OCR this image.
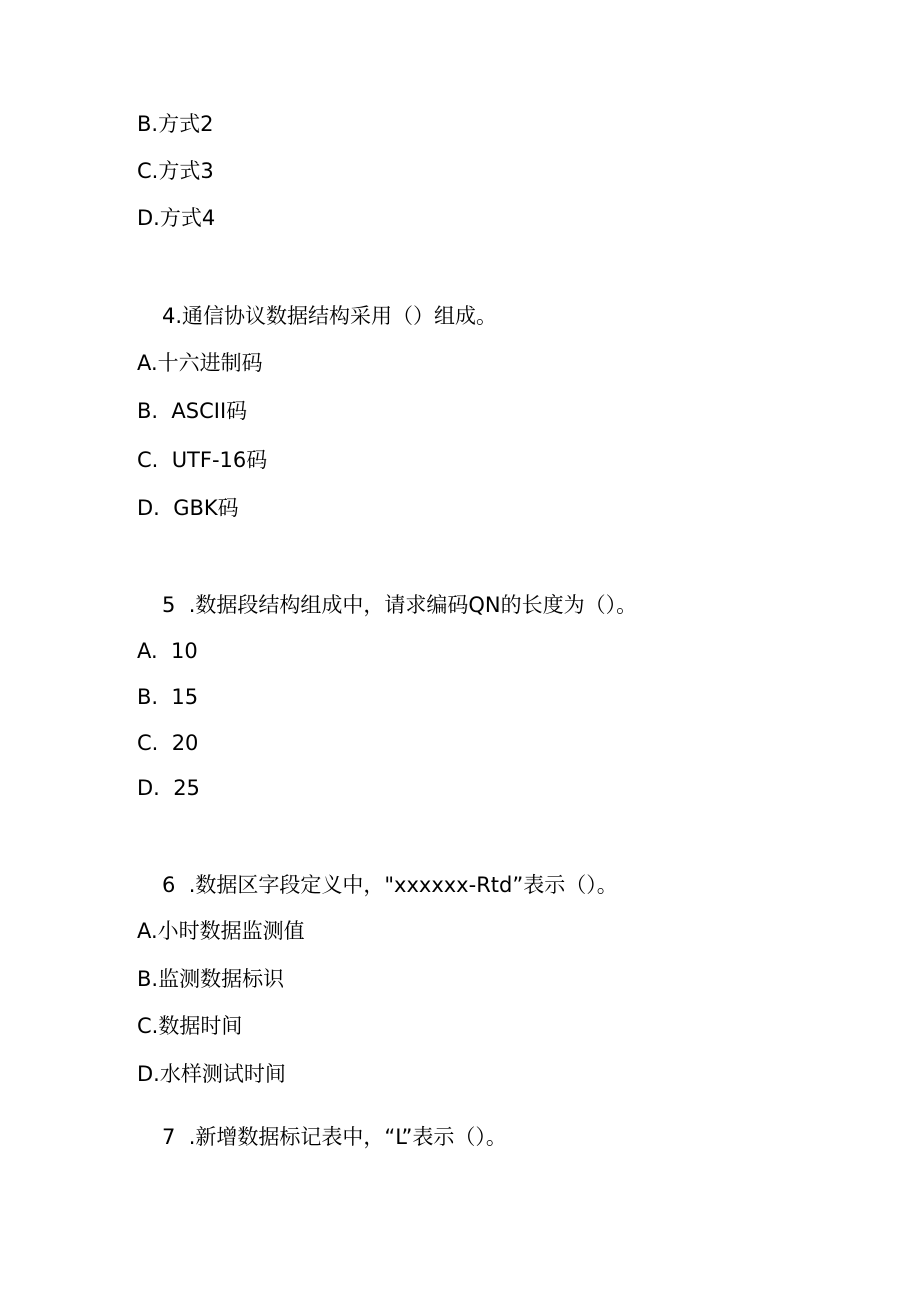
B.方式2

C.方式3

D.方式4

4.通信协议数据结构采用（）组成。

A.十六进制码

B.  ASCII码

C.  UTF-16码

D.  GBK码

5  .数据段结构组成中，请求编码QN的长度为（）。

A.  10

B.  15

C.  20

D.  25

6  .数据区字段定义中，"xxxxxx-Rtd”表示（）。

A.小时数据监测值

B.监测数据标识

C.数据时间

D.水样测试时间

7  .新增数据标记表中，“L”表示（）。
